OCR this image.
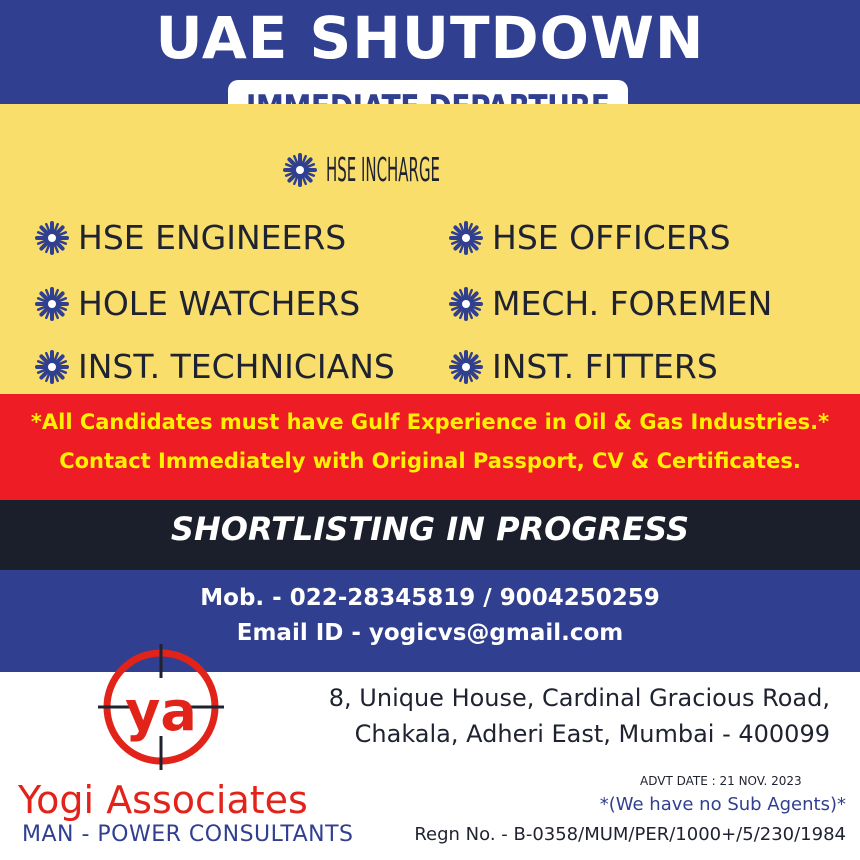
UAE SHUTDOWN
HSE INCHARGE
HSE ENGINEERS	HSE OFFICERS
HOLE WATCHERS	MECH. FOREMEN
INST. TECHNICIANS	INST. FITTERS
*All Candidates must have Gulf Experience in Oil & Gas Industries.*
Contact Immediately with Original Passport, CV & Certificates.
SHORTLISTING IN PROGRESS
Mob. - 022-28345819 / 9004250259
Email ID - yogicvs@gmail.com
ya
Yogi Associates
MAN - POWER CONSULTANTS
8, Unique House, Cardinal Gracious Road,
Chakala, Adheri East, Mumbai - 400099
ADVT DATE : 21 NOV. 2023
*(We have no Sub Agents)*
Regn No. - B-0358/MUM/PER/1000+/5/230/1984
